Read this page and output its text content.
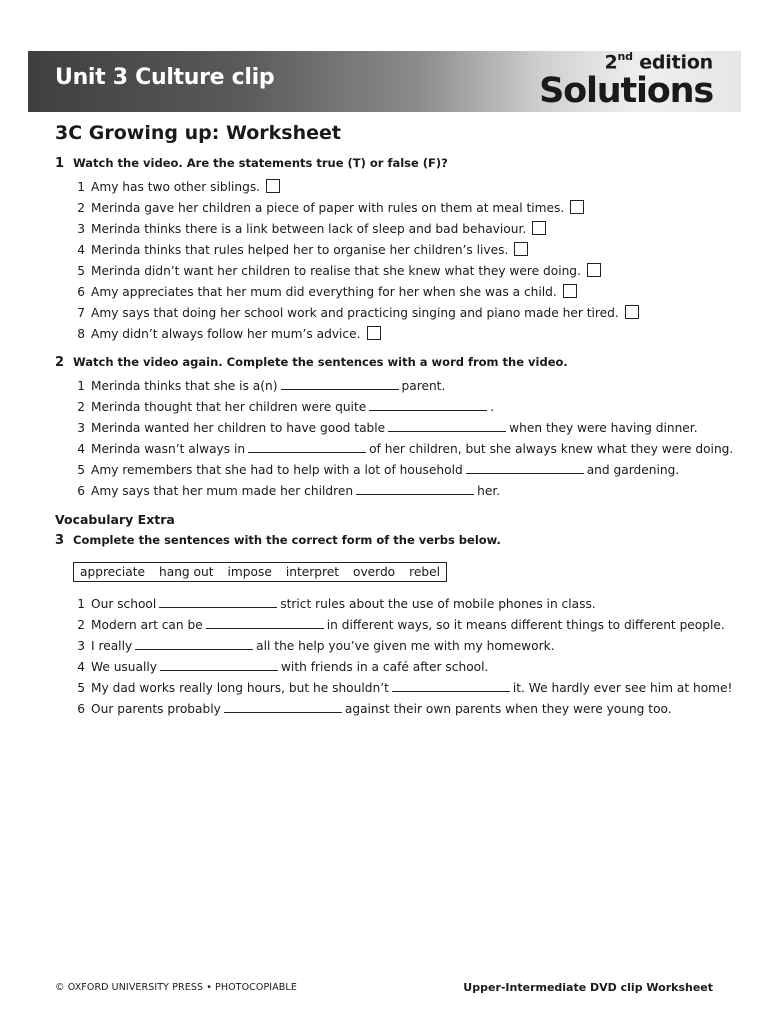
Unit 3 Culture clip
2nd edition
Solutions
3C Growing up: Worksheet
1 Watch the video. Are the statements true (T) or false (F)?
1 Amy has two other siblings.
2 Merinda gave her children a piece of paper with rules on them at meal times.
3 Merinda thinks there is a link between lack of sleep and bad behaviour.
4 Merinda thinks that rules helped her to organise her children’s lives.
5 Merinda didn’t want her children to realise that she knew what they were doing.
6 Amy appreciates that her mum did everything for her when she was a child.
7 Amy says that doing her school work and practicing singing and piano made her tired.
8 Amy didn’t always follow her mum’s advice.
2 Watch the video again. Complete the sentences with a word from the video.
1 Merinda thinks that she is a(n)	parent.
2 Merinda thought that her children were quite	.
3 Merinda wanted her children to have good table	when they were having dinner.
4 Merinda wasn’t always in	of her children, but she always knew what they were doing.
5 Amy remembers that she had to help with a lot of household	and gardening.
6 Amy says that her mum made her children	her.
Vocabulary Extra
3 Complete the sentences with the correct form of the verbs below.
appreciate hang out impose interpret overdo rebel
1 Our school	strict rules about the use of mobile phones in class.
2 Modern art can be	in different ways, so it means different things to different people.
3 I really	all the help you’ve given me with my homework.
4 We usually	with friends in a café after school.
5 My dad works really long hours, but he shouldn’t	it. We hardly ever see him at home!
6 Our parents probably	against their own parents when they were young too.
© OXFORD UNIVERSITY PRESS • PHOTOCOPIABLE	Upper-Intermediate DVD clip Worksheet
